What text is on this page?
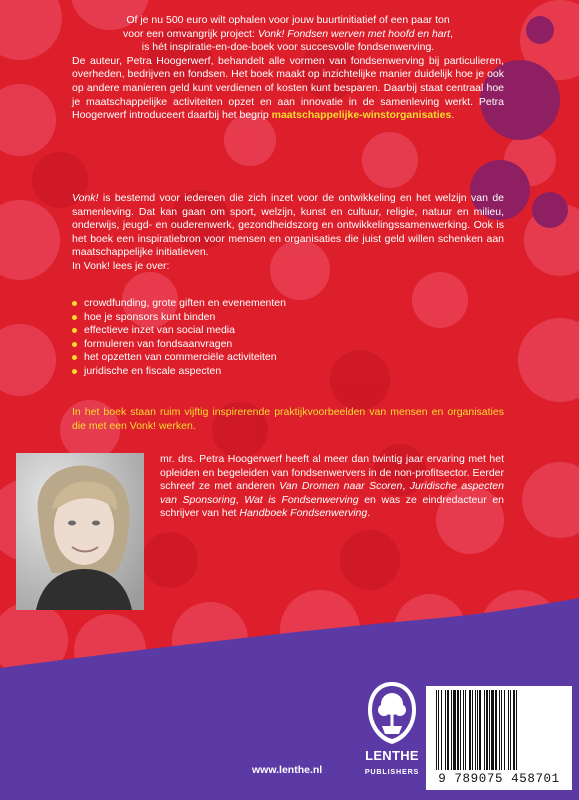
Of je nu 500 euro wilt ophalen voor jouw buurtinitiatief of een paar ton
voor een omvangrijk project: Vonk! Fondsen werven met hoofd en hart,
is hét inspiratie-en-doe-boek voor succesvolle fondsenwerving.
De auteur, Petra Hoogerwerf, behandelt alle vormen van fondsenwerving bij particulieren, overheden, bedrijven en fondsen. Het boek maakt op inzichtelijke manier duidelijk hoe je ook op andere manieren geld kunt verdienen of kosten kunt besparen. Daarbij staat centraal hoe je maatschappelijke activiteiten opzet en aan innovatie in de samenleving werkt. Petra Hoogerwerf introduceert daarbij het begrip maatschappelijke-winstorganisaties.
Vonk! is bestemd voor iedereen die zich inzet voor de ontwikkeling en het welzijn van de samenleving. Dat kan gaan om sport, welzijn, kunst en cultuur, religie, natuur en milieu, onderwijs, jeugd- en ouderenwerk, gezondheidszorg en ontwikkelingssamenwerking. Ook is het boek een inspiratiebron voor mensen en organisaties die juist geld willen schenken aan maatschappelijke initiatieven.
In Vonk! lees je over:
crowdfunding, grote giften en evenementen
hoe je sponsors kunt binden
effectieve inzet van social media
formuleren van fondsaanvragen
het opzetten van commerciële activiteiten
juridische en fiscale aspecten

In het boek staan ruim vijftig inspirerende praktijkvoorbeelden van mensen en organisaties die met een Vonk! werken.

mr. drs. Petra Hoogerwerf heeft al meer dan twintig jaar ervaring met het opleiden en begeleiden van fondsenwervers in de non-profitsector. Eerder schreef ze met anderen Van Dromen naar Scoren, Juridische aspecten van Sponsoring, Wat is Fondsenwerving en was ze eindredacteur en schrijver van het Handboek Fondsenwerving.
www.lenthe.nl
LENTHE
PUBLISHERS
9 789075 458701
